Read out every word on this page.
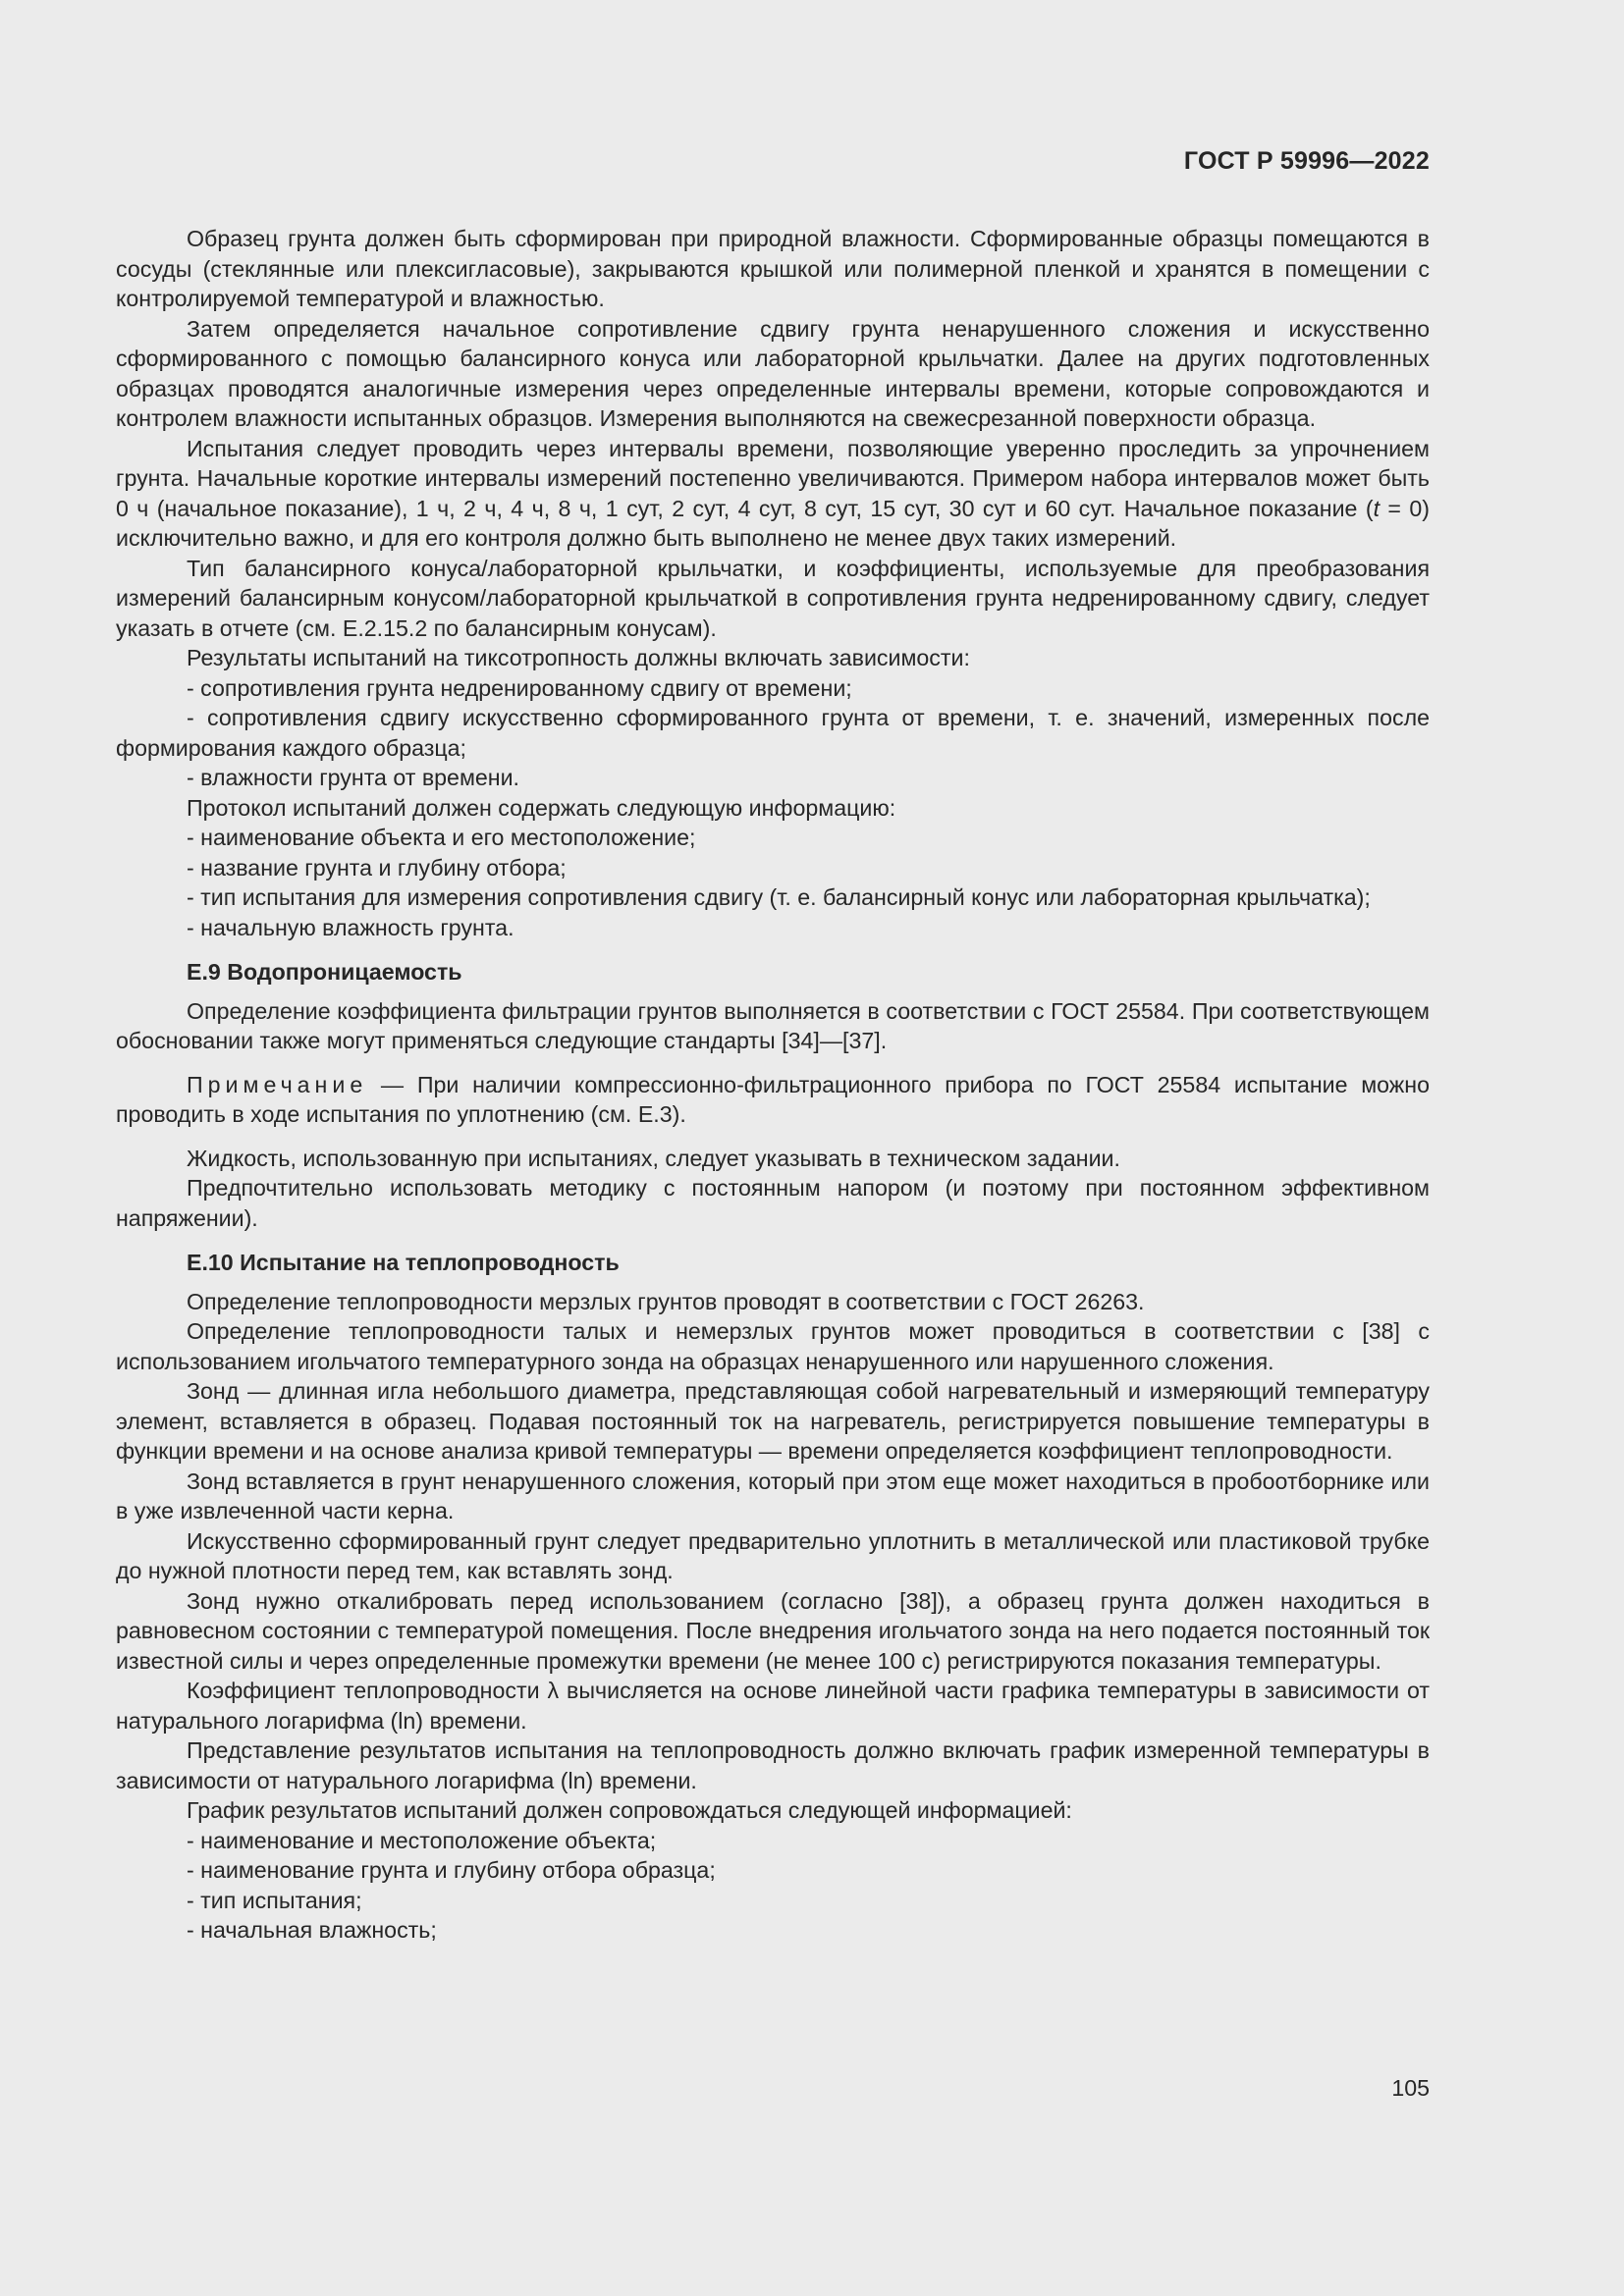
ГОСТ Р 59996—2022

Образец грунта должен быть сформирован при природной влажности. Сформированные образцы помещаются в сосуды (стеклянные или плексигласовые), закрываются крышкой или полимерной пленкой и хранятся в помещении с контролируемой температурой и влажностью.

Затем определяется начальное сопротивление сдвигу грунта ненарушенного сложения и искусственно сформированного с помощью балансирного конуса или лабораторной крыльчатки. Далее на других подготовленных образцах проводятся аналогичные измерения через определенные интервалы времени, которые сопровождаются и контролем влажности испытанных образцов. Измерения выполняются на свежесрезанной поверхности образца.

Испытания следует проводить через интервалы времени, позволяющие уверенно проследить за упрочнением грунта. Начальные короткие интервалы измерений постепенно увеличиваются. Примером набора интервалов может быть 0 ч (начальное показание), 1 ч, 2 ч, 4 ч, 8 ч, 1 сут, 2 сут, 4 сут, 8 сут, 15 сут, 30 сут и 60 сут. Начальное показание (t = 0) исключительно важно, и для его контроля должно быть выполнено не менее двух таких измерений.

Тип балансирного конуса/лабораторной крыльчатки, и коэффициенты, используемые для преобразования измерений балансирным конусом/лабораторной крыльчаткой в сопротивления грунта недренированному сдвигу, следует указать в отчете (см. Е.2.15.2 по балансирным конусам).

Результаты испытаний на тиксотропность должны включать зависимости:

- сопротивления грунта недренированному сдвигу от времени;

- сопротивления сдвигу искусственно сформированного грунта от времени, т. е. значений, измеренных после формирования каждого образца;

- влажности грунта от времени.

Протокол испытаний должен содержать следующую информацию:

- наименование объекта и его местоположение;

- название грунта и глубину отбора;

- тип испытания для измерения сопротивления сдвигу (т. е. балансирный конус или лабораторная крыльчатка);

- начальную влажность грунта.

Е.9 Водопроницаемость

Определение коэффициента фильтрации грунтов выполняется в соответствии с ГОСТ 25584. При соответствующем обосновании также могут применяться следующие стандарты [34]—[37].

Примечание — При наличии компрессионно-фильтрационного прибора по ГОСТ 25584 испытание можно проводить в ходе испытания по уплотнению (см. Е.3).

Жидкость, использованную при испытаниях, следует указывать в техническом задании.

Предпочтительно использовать методику с постоянным напором (и поэтому при постоянном эффективном напряжении).

Е.10 Испытание на теплопроводность

Определение теплопроводности мерзлых грунтов проводят в соответствии с ГОСТ 26263.

Определение теплопроводности талых и немерзлых грунтов может проводиться в соответствии с [38] с использованием игольчатого температурного зонда на образцах ненарушенного или нарушенного сложения.

Зонд — длинная игла небольшого диаметра, представляющая собой нагревательный и измеряющий температуру элемент, вставляется в образец. Подавая постоянный ток на нагреватель, регистрируется повышение температуры в функции времени и на основе анализа кривой температуры — времени определяется коэффициент теплопроводности.

Зонд вставляется в грунт ненарушенного сложения, который при этом еще может находиться в пробоотборнике или в уже извлеченной части керна.

Искусственно сформированный грунт следует предварительно уплотнить в металлической или пластиковой трубке до нужной плотности перед тем, как вставлять зонд.

Зонд нужно откалибровать перед использованием (согласно [38]), а образец грунта должен находиться в равновесном состоянии с температурой помещения. После внедрения игольчатого зонда на него подается постоянный ток известной силы и через определенные промежутки времени (не менее 100 с) регистрируются показания температуры.

Коэффициент теплопроводности λ вычисляется на основе линейной части графика температуры в зависимости от натурального логарифма (ln) времени.

Представление результатов испытания на теплопроводность должно включать график измеренной температуры в зависимости от натурального логарифма (ln) времени.

График результатов испытаний должен сопровождаться следующей информацией:

- наименование и местоположение объекта;

- наименование грунта и глубину отбора образца;

- тип испытания;

- начальная влажность;

105
